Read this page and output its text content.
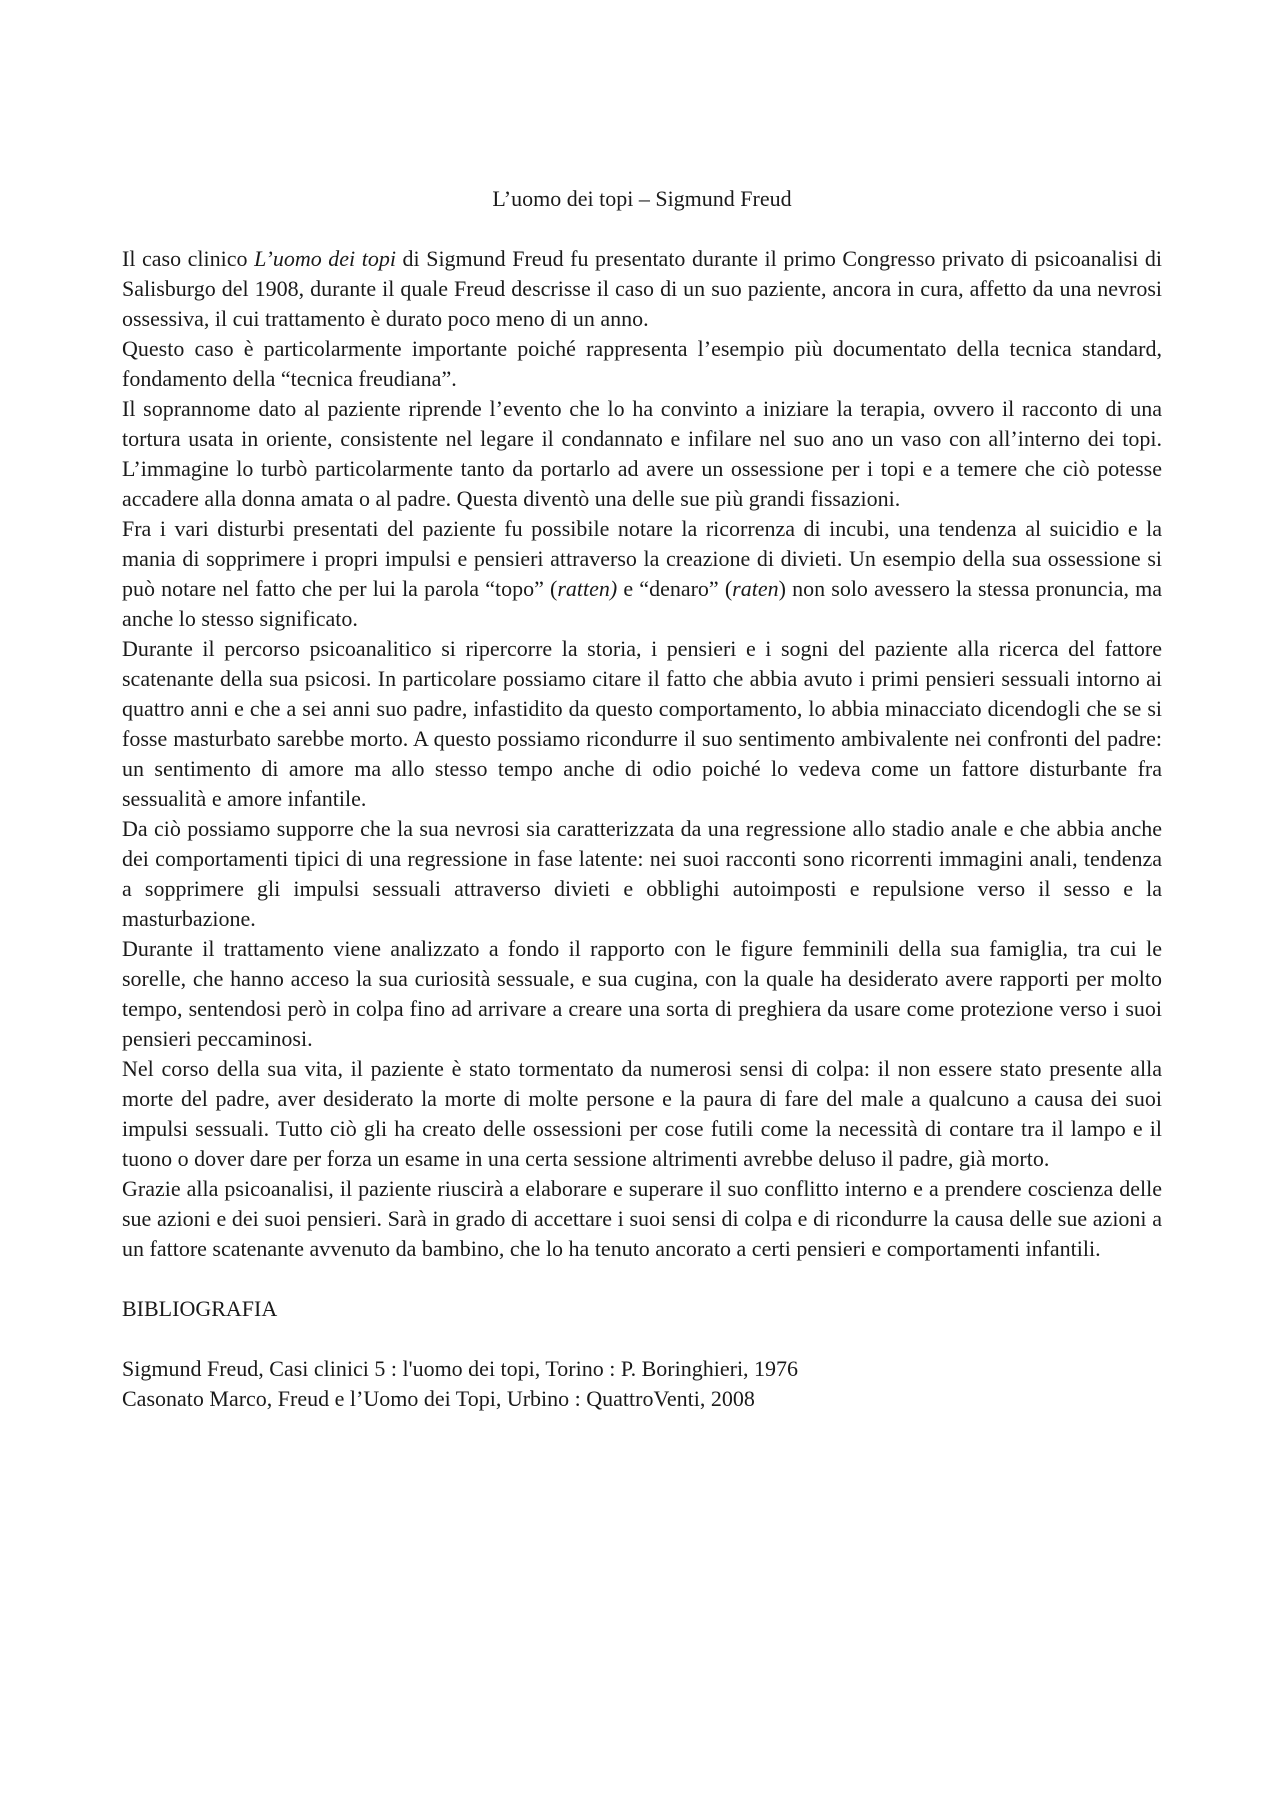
L’uomo dei topi – Sigmund Freud

Il caso clinico L’uomo dei topi di Sigmund Freud fu presentato durante il primo Congresso privato di psicoanalisi di Salisburgo del 1908, durante il quale Freud descrisse il caso di un suo paziente, ancora in cura, affetto da una nevrosi ossessiva, il cui trattamento è durato poco meno di un anno.

Questo caso è particolarmente importante poiché rappresenta l’esempio più documentato della tecnica standard, fondamento della “tecnica freudiana”.

Il soprannome dato al paziente riprende l’evento che lo ha convinto a iniziare la terapia, ovvero il racconto di una tortura usata in oriente, consistente nel legare il condannato e infilare nel suo ano un vaso con all’interno dei topi. L’immagine lo turbò particolarmente tanto da portarlo ad avere un ossessione per i topi e a temere che ciò potesse accadere alla donna amata o al padre. Questa diventò una delle sue più grandi fissazioni.

Fra i vari disturbi presentati del paziente fu possibile notare la ricorrenza di incubi, una tendenza al suicidio e la mania di sopprimere i propri impulsi e pensieri attraverso la creazione di divieti. Un esempio della sua ossessione si può notare nel fatto che per lui la parola “topo” (ratten) e “denaro” (raten) non solo avessero la stessa pronuncia, ma anche lo stesso significato.

Durante il percorso psicoanalitico si ripercorre la storia, i pensieri e i sogni del paziente alla ricerca del fattore scatenante della sua psicosi. In particolare possiamo citare il fatto che abbia avuto i primi pensieri sessuali intorno ai quattro anni e che a sei anni suo padre, infastidito da questo comportamento, lo abbia minacciato dicendogli che se si fosse masturbato sarebbe morto. A questo possiamo ricondurre il suo sentimento ambivalente nei confronti del padre: un sentimento di amore ma allo stesso tempo anche di odio poiché lo vedeva come un fattore disturbante fra sessualità e amore infantile.

Da ciò possiamo supporre che la sua nevrosi sia caratterizzata da una regressione allo stadio anale e che abbia anche dei comportamenti tipici di una regressione in fase latente: nei suoi racconti sono ricorrenti immagini anali, tendenza a sopprimere gli impulsi sessuali attraverso divieti e obblighi autoimposti e repulsione verso il sesso e la masturbazione.

Durante il trattamento viene analizzato a fondo il rapporto con le figure femminili della sua famiglia, tra cui le sorelle, che hanno acceso la sua curiosità sessuale, e sua cugina, con la quale ha desiderato avere rapporti per molto tempo, sentendosi però in colpa fino ad arrivare a creare una sorta di preghiera da usare come protezione verso i suoi pensieri peccaminosi.

Nel corso della sua vita, il paziente è stato tormentato da numerosi sensi di colpa: il non essere stato presente alla morte del padre, aver desiderato la morte di molte persone e la paura di fare del male a qualcuno a causa dei suoi impulsi sessuali. Tutto ciò gli ha creato delle ossessioni per cose futili come la necessità di contare tra il lampo e il tuono o dover dare per forza un esame in una certa sessione altrimenti avrebbe deluso il padre, già morto.

Grazie alla psicoanalisi, il paziente riuscirà a elaborare e superare il suo conflitto interno e a prendere coscienza delle sue azioni e dei suoi pensieri. Sarà in grado di accettare i suoi sensi di colpa e di ricondurre la causa delle sue azioni a un fattore scatenante avvenuto da bambino, che lo ha tenuto ancorato a certi pensieri e comportamenti infantili.

BIBLIOGRAFIA

Sigmund Freud, Casi clinici 5 : l'uomo dei topi, Torino : P. Boringhieri, 1976

Casonato Marco, Freud e l’Uomo dei Topi, Urbino : QuattroVenti, 2008
